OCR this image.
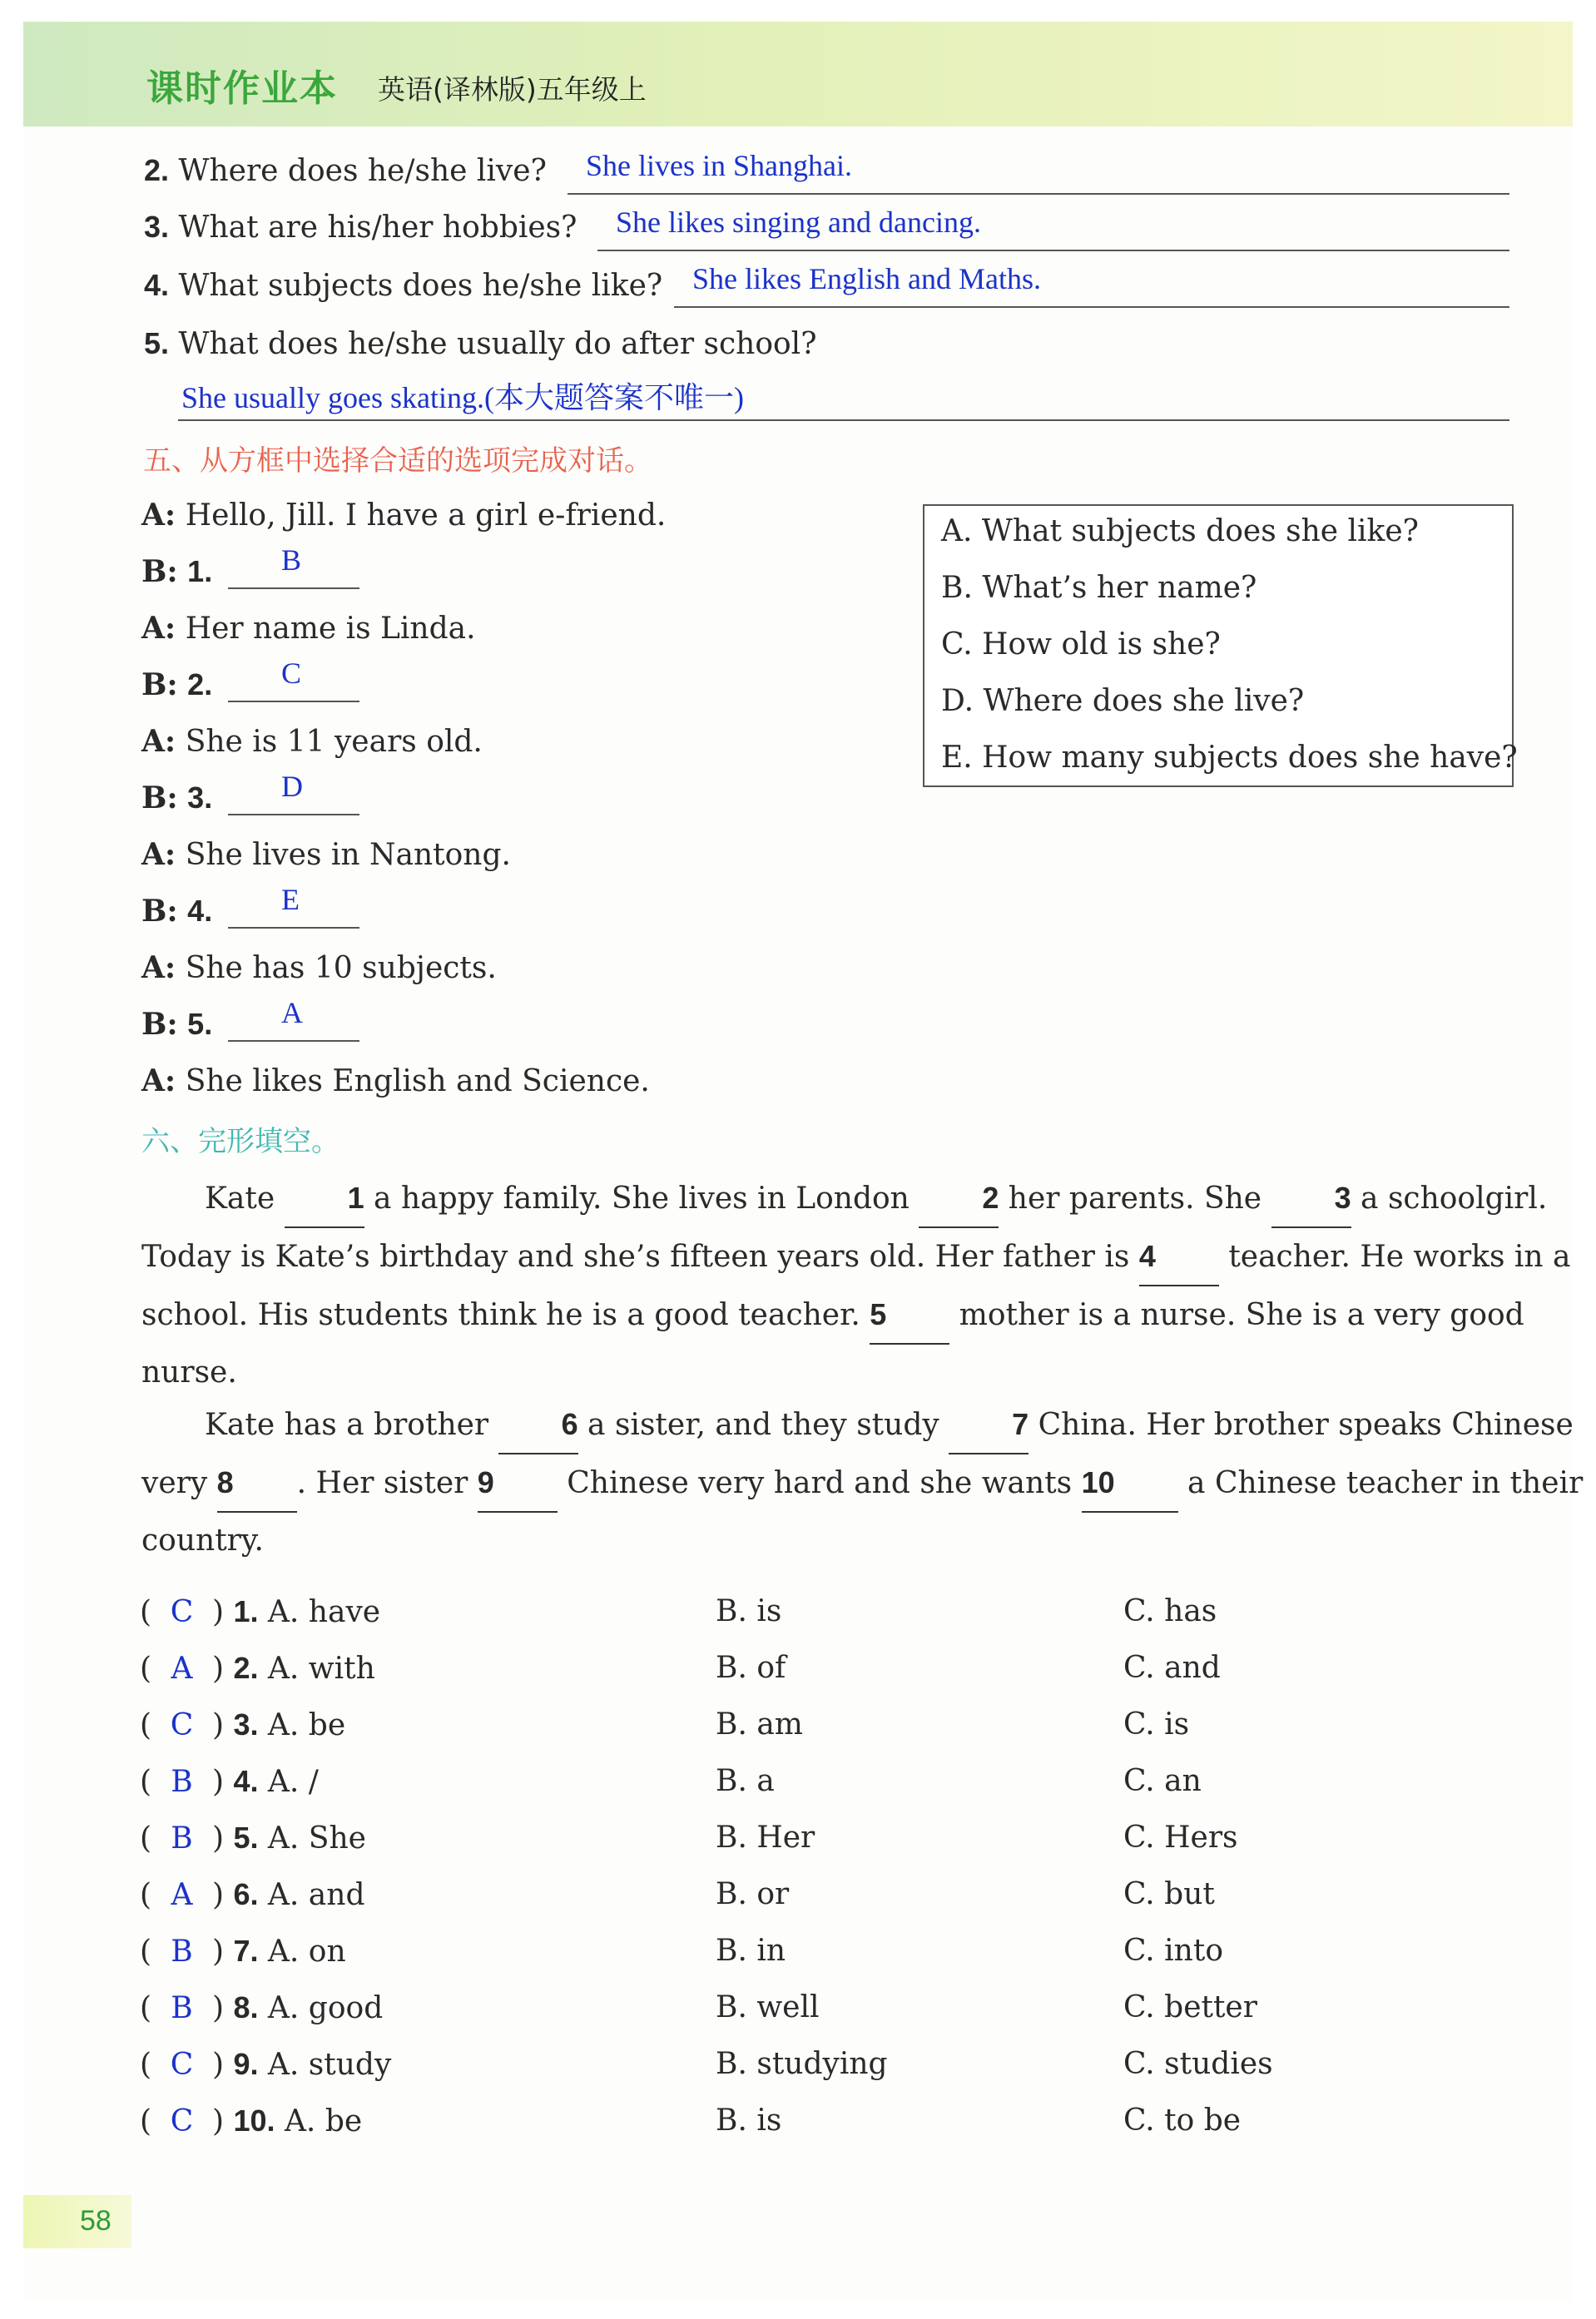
课时作业本 英语(译林版)五年级上
2. Where does he/she live? She lives in Shanghai.
3. What are his/her hobbies? She likes singing and dancing.
4. What subjects does he/she like? She likes English and Maths.
5. What does he/she usually do after school?
She usually goes skating.(本大题答案不唯一)
五、从方框中选择合适的选项完成对话。
A: Hello, Jill. I have a girl e-friend.
B: 1. B
A: Her name is Linda.
B: 2. C
A: She is 11 years old.
B: 3. D
A: She lives in Nantong.
B: 4. E
A: She has 10 subjects.
B: 5. A
A: She likes English and Science.
A. What subjects does she like?
B. What’s her name?
C. How old is she?
D. Where does she live?
E. How many subjects does she have?
六、完形填空。
Kate 1 a happy family. She lives in London 2 her parents. She 3 a schoolgirl.
Today is Kate’s birthday and she’s fifteen years old. Her father is 4 teacher. He works in a
school. His students think he is a good teacher. 5 mother is a nurse. She is a very good
nurse.
Kate has a brother 6 a sister, and they study 7 China. Her brother speaks Chinese
very 8 . Her sister 9 Chinese very hard and she wants 10 a Chinese teacher in their
country.
( C ) 1. A. have	B. is	C. has
( A ) 2. A. with	B. of	C. and
( C ) 3. A. be	B. am	C. is
( B ) 4. A. /	B. a	C. an
( B ) 5. A. She	B. Her	C. Hers
( A ) 6. A. and	B. or	C. but
( B ) 7. A. on	B. in	C. into
( B ) 8. A. good	B. well	C. better
( C ) 9. A. study	B. studying	C. studies
( C ) 10. A. be	B. is	C. to be
58
